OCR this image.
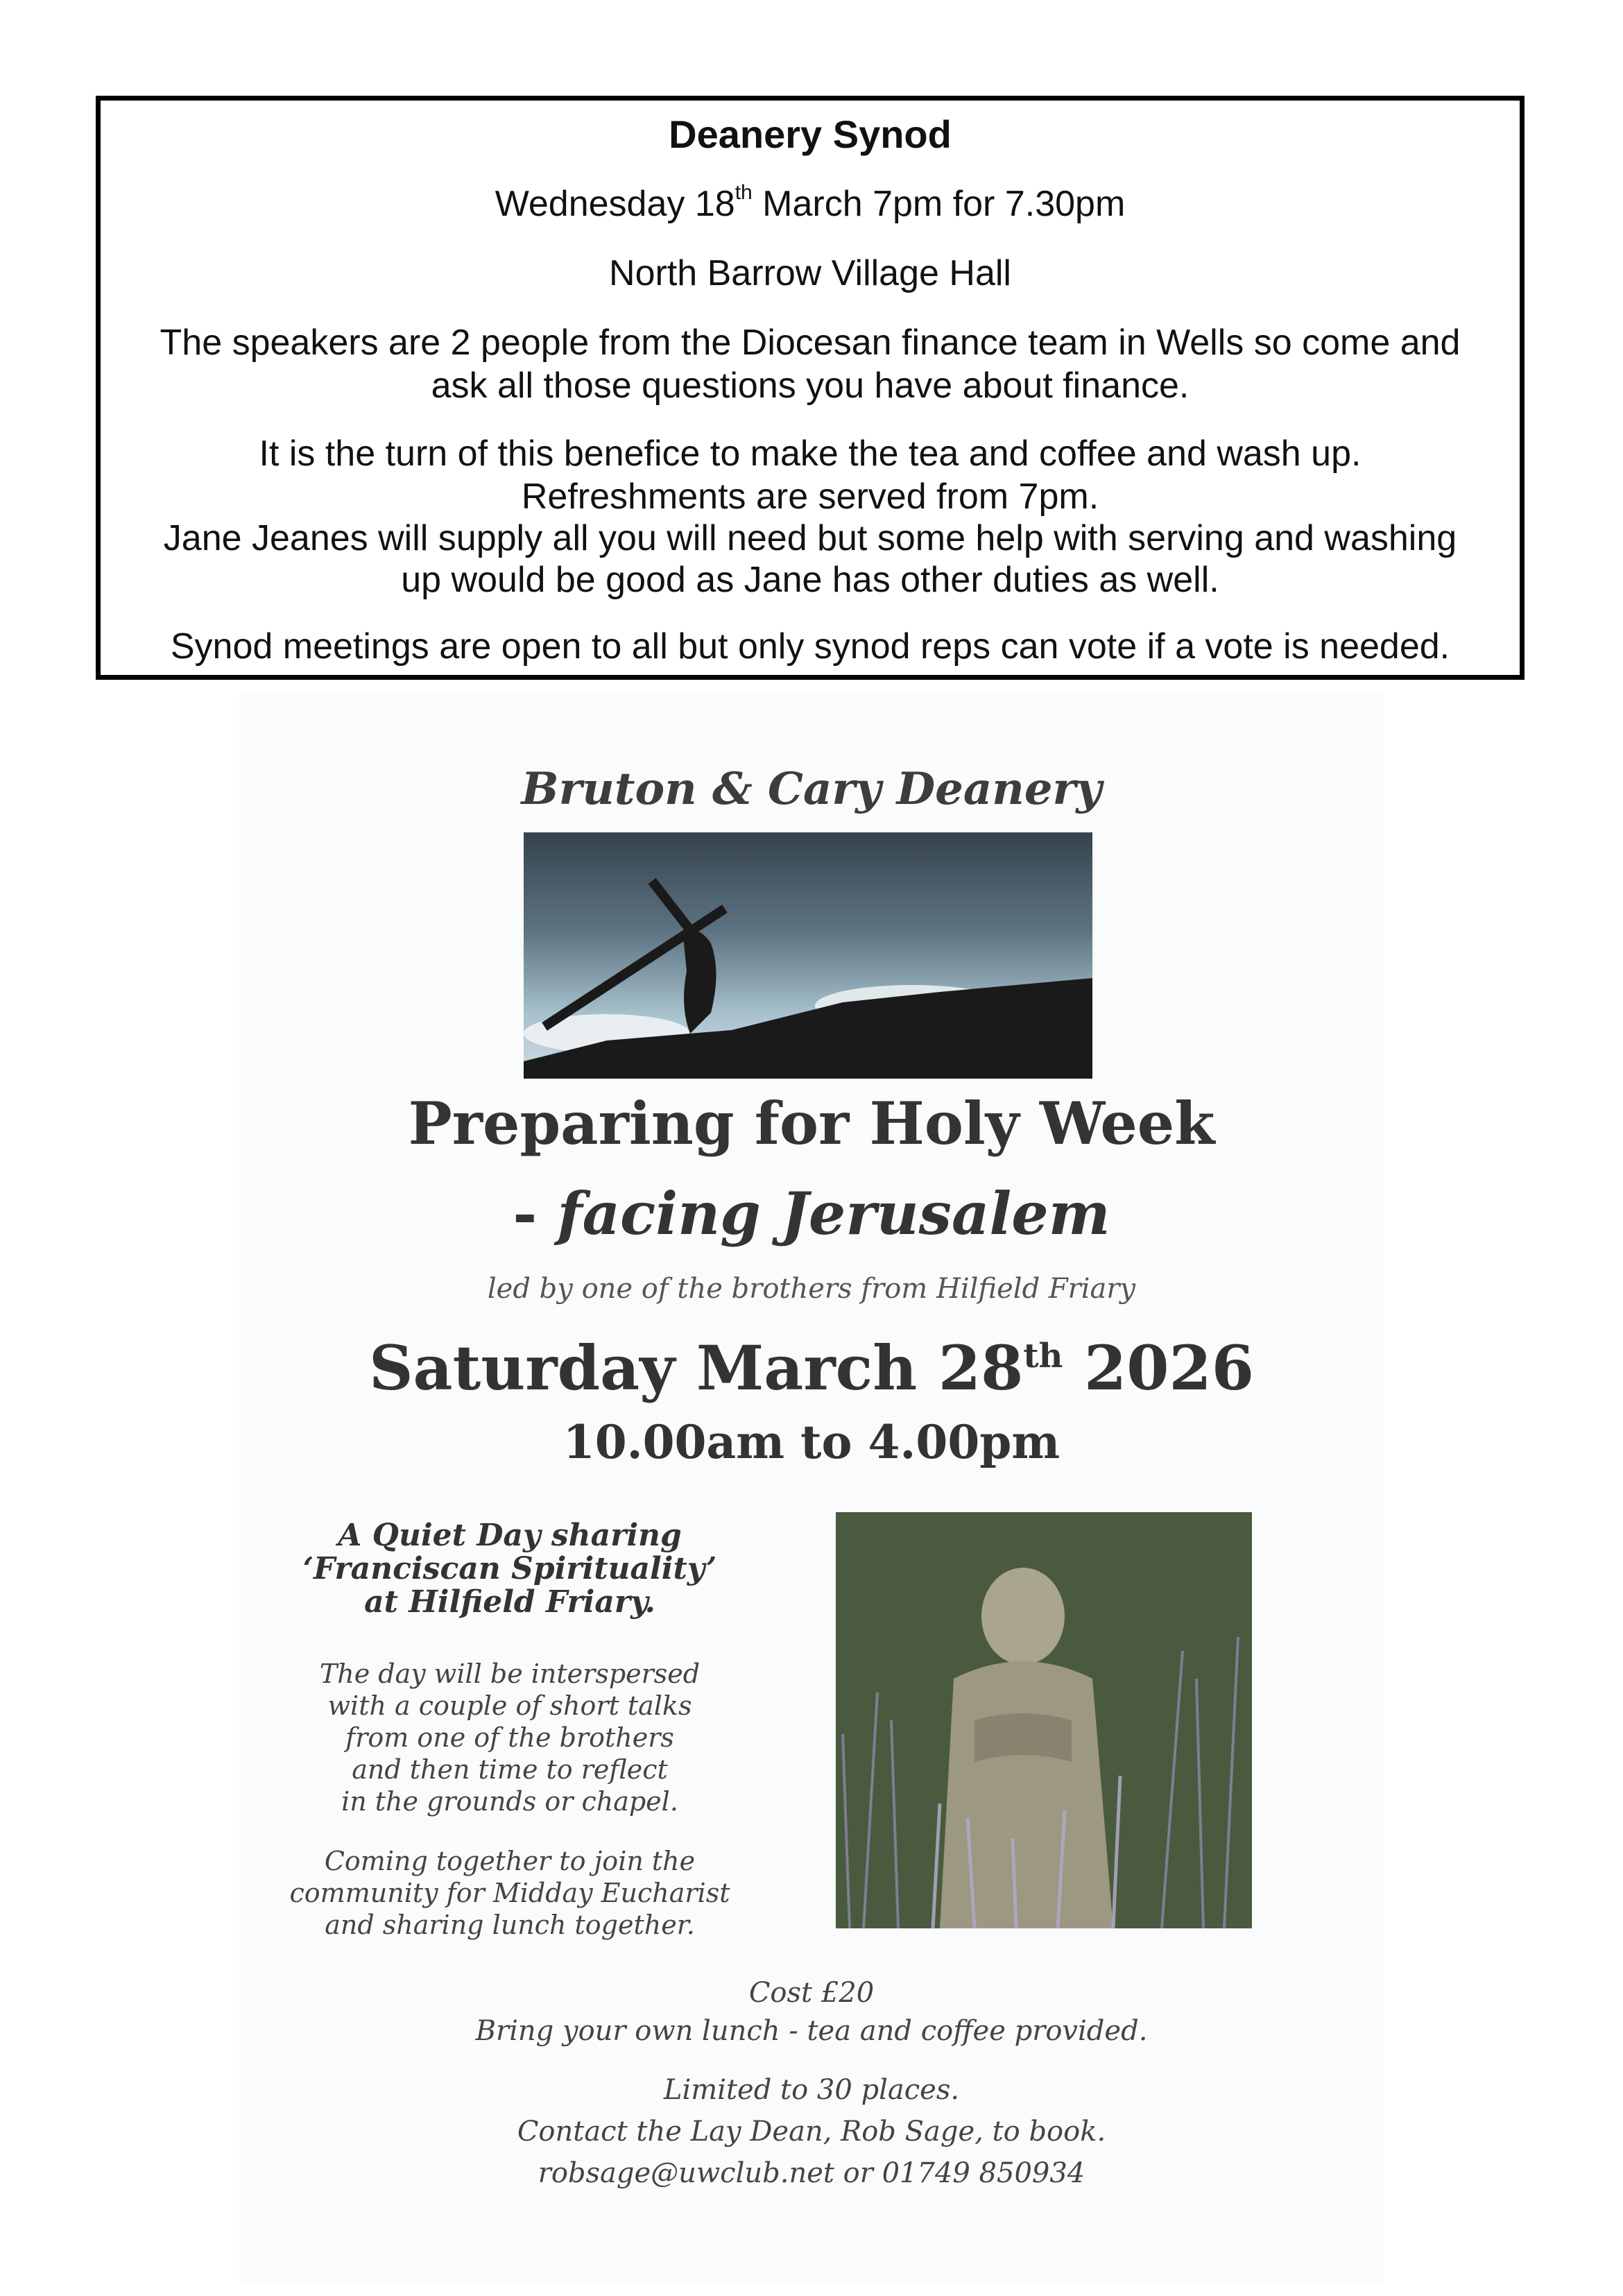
Deanery Synod
Wednesday 18th March 7pm for 7.30pm
North Barrow Village Hall
The speakers are 2 people from the Diocesan finance team in Wells so come and
ask all those questions you have about finance.
It is the turn of this benefice to make the tea and coffee and wash up.
Refreshments are served from 7pm.
Jane Jeanes will supply all you will need but some help with serving and washing
up would be good as Jane has other duties as well.
Synod meetings are open to all but only synod reps can vote if a vote is needed.
Bruton & Cary Deanery
Preparing for Holy Week
- facing Jerusalem
led by one of the brothers from Hilfield Friary
Saturday March 28th 2026
10.00am to 4.00pm
A Quiet Day sharing
‘Franciscan Spirituality’
at Hilfield Friary.
The day will be interspersed
with a couple of short talks
from one of the brothers
and then time to reflect
in the grounds or chapel.
Coming together to join the
community for Midday Eucharist
and sharing lunch together.
Cost £20
Bring your own lunch - tea and coffee provided.
Limited to 30 places.
Contact the Lay Dean, Rob Sage, to book.
robsage@uwclub.net or 01749 850934
